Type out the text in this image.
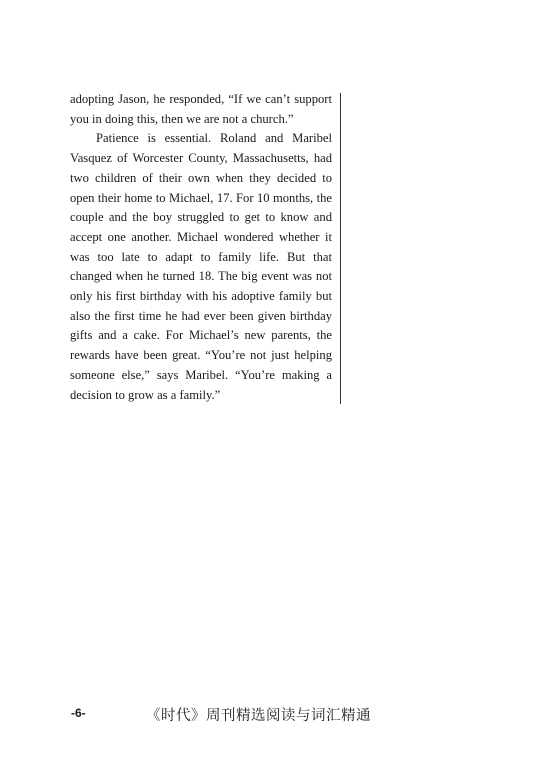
adopting Jason, he responded, “If we can’t support you in doing this, then we are not a church.”

Patience is essential. Roland and Maribel Vasquez of Worcester County, Massachusetts, had two children of their own when they decided to open their home to Michael, 17. For 10 months, the couple and the boy struggled to get to know and accept one another. Michael wondered whether it was too late to adapt to family life. But that changed when he turned 18. The big event was not only his first birthday with his adoptive family but also the first time he had ever been given birthday gifts and a cake. For Michael’s new parents, the rewards have been great. “You’re not just helping someone else,” says Maribel. “You’re making a decision to grow as a family.”

-6-	《时代》周刊精选阅读与词汇精通
